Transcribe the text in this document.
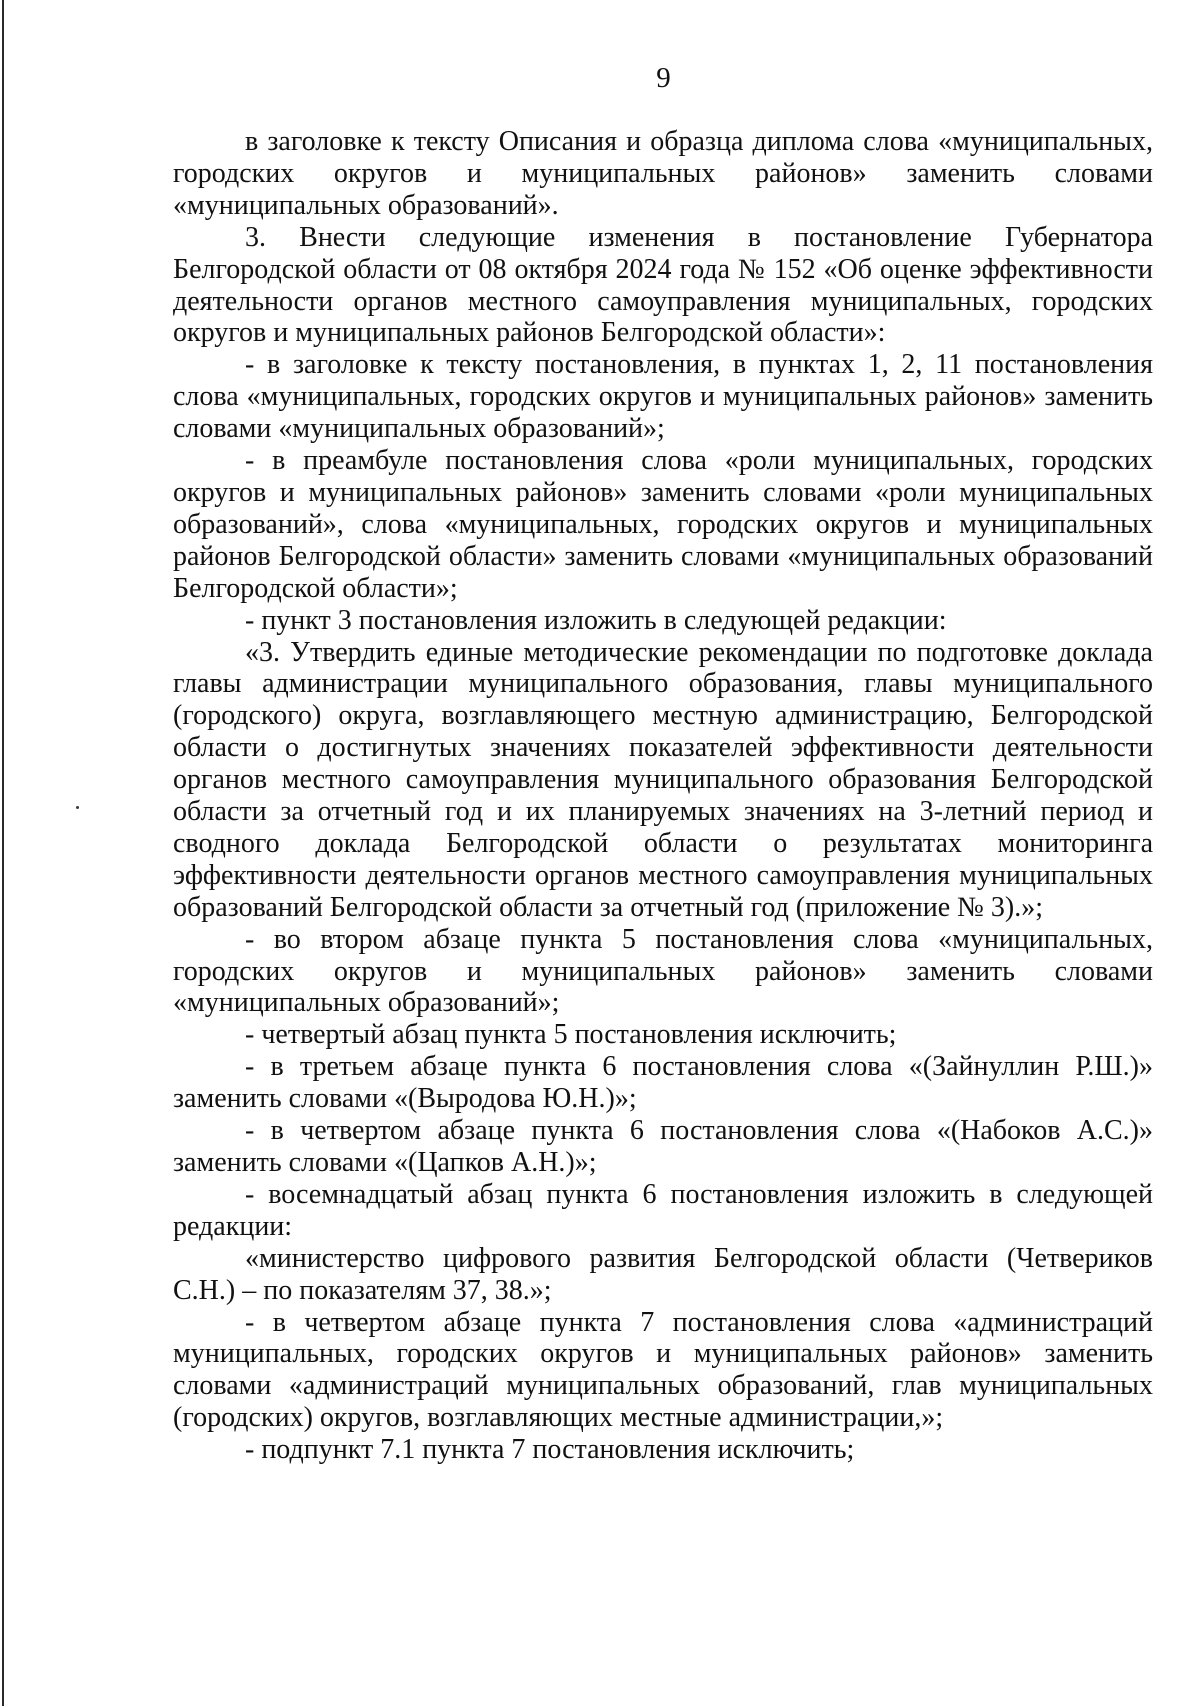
9

в заголовке к тексту Описания и образца диплома слова «муниципальных, городских округов и муниципальных районов» заменить словами «муниципальных образований».

3. Внести следующие изменения в постановление Губернатора Белгородской области от 08 октября 2024 года № 152 «Об оценке эффективности деятельности органов местного самоуправления муниципальных, городских округов и муниципальных районов Белгородской области»:

- в заголовке к тексту постановления, в пунктах 1, 2, 11 постановления слова «муниципальных, городских округов и муниципальных районов» заменить словами «муниципальных образований»;

- в преамбуле постановления слова «роли муниципальных, городских округов и муниципальных районов» заменить словами «роли муниципальных образований», слова «муниципальных, городских округов и муниципальных районов Белгородской области» заменить словами «муниципальных образований Белгородской области»;

- пункт 3 постановления изложить в следующей редакции:

«3. Утвердить единые методические рекомендации по подготовке доклада главы администрации муниципального образования, главы муниципального (городского) округа, возглавляющего местную администрацию, Белгородской области о достигнутых значениях показателей эффективности деятельности органов местного самоуправления муниципального образования Белгородской области за отчетный год и их планируемых значениях на 3-летний период и сводного доклада Белгородской области о результатах мониторинга эффективности деятельности органов местного самоуправления муниципальных образований Белгородской области за отчетный год (приложение № 3).»;

- во втором абзаце пункта 5 постановления слова «муниципальных, городских округов и муниципальных районов» заменить словами «муниципальных образований»;

- четвертый абзац пункта 5 постановления исключить;

- в третьем абзаце пункта 6 постановления слова «(Зайнуллин Р.Ш.)» заменить словами «(Выродова Ю.Н.)»;

- в четвертом абзаце пункта 6 постановления слова «(Набоков А.С.)» заменить словами «(Цапков А.Н.)»;

- восемнадцатый абзац пункта 6 постановления изложить в следующей редакции:

«министерство цифрового развития Белгородской области (Четвериков С.Н.) – по показателям 37, 38.»;

- в четвертом абзаце пункта 7 постановления слова «администраций муниципальных, городских округов и муниципальных районов» заменить словами «администраций муниципальных образований, глав муниципальных (городских) округов, возглавляющих местные администрации,»;

- подпункт 7.1 пункта 7 постановления исключить;
